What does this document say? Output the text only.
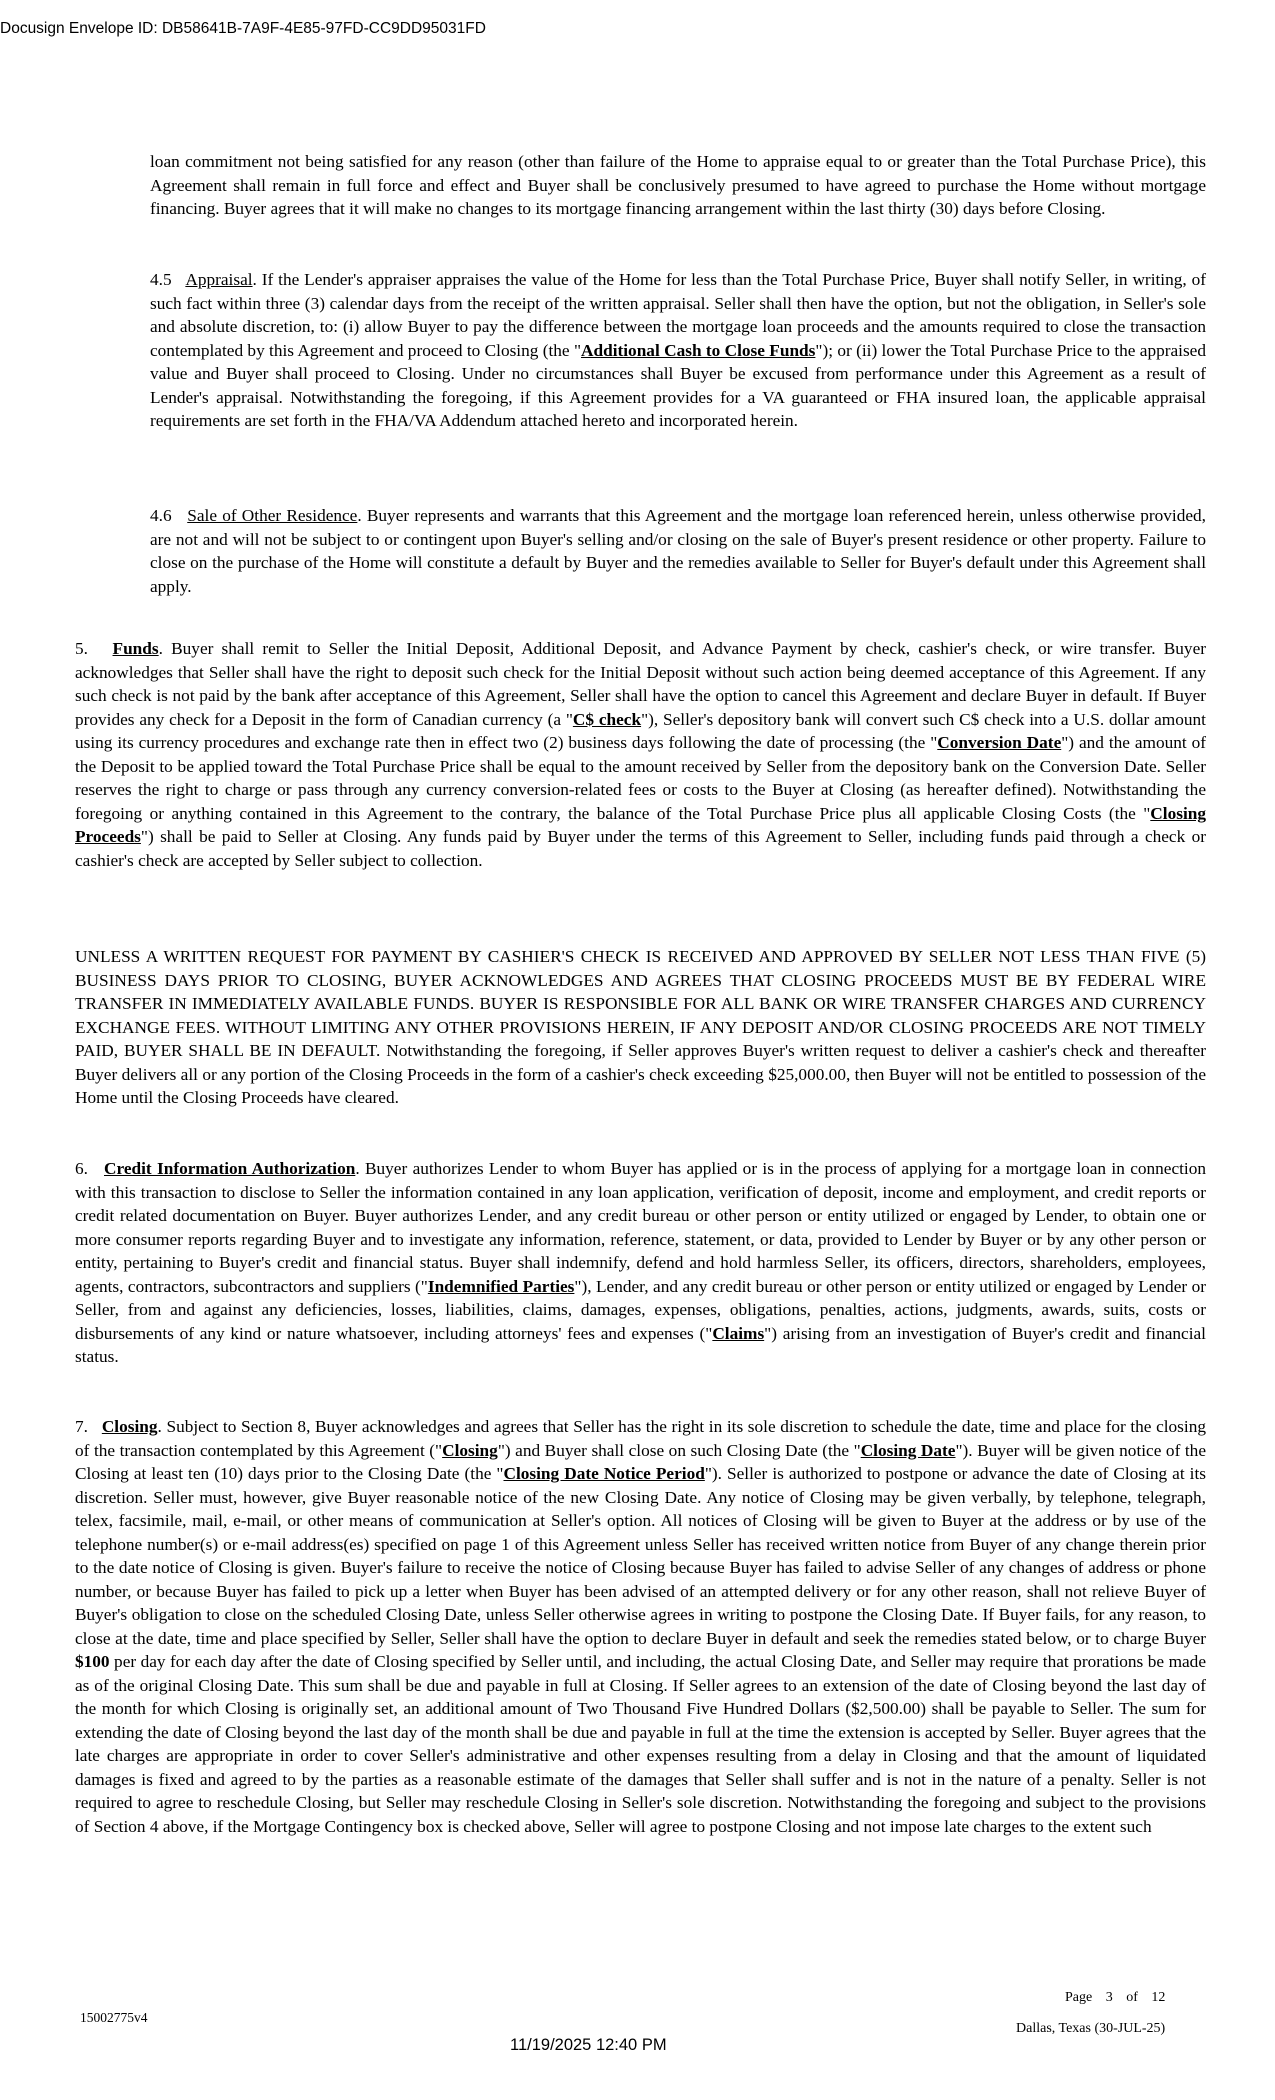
Docusign Envelope ID: DB58641B-7A9F-4E85-97FD-CC9DD95031FD

loan commitment not being satisfied for any reason (other than failure of the Home to appraise equal to or greater than the Total Purchase Price), this Agreement shall remain in full force and effect and Buyer shall be conclusively presumed to have agreed to purchase the Home without mortgage financing. Buyer agrees that it will make no changes to its mortgage financing arrangement within the last thirty (30) days before Closing.

4.5 Appraisal. If the Lender's appraiser appraises the value of the Home for less than the Total Purchase Price, Buyer shall notify Seller, in writing, of such fact within three (3) calendar days from the receipt of the written appraisal. Seller shall then have the option, but not the obligation, in Seller's sole and absolute discretion, to: (i) allow Buyer to pay the difference between the mortgage loan proceeds and the amounts required to close the transaction contemplated by this Agreement and proceed to Closing (the "Additional Cash to Close Funds"); or (ii) lower the Total Purchase Price to the appraised value and Buyer shall proceed to Closing. Under no circumstances shall Buyer be excused from performance under this Agreement as a result of Lender's appraisal. Notwithstanding the foregoing, if this Agreement provides for a VA guaranteed or FHA insured loan, the applicable appraisal requirements are set forth in the FHA/VA Addendum attached hereto and incorporated herein.

4.6 Sale of Other Residence. Buyer represents and warrants that this Agreement and the mortgage loan referenced herein, unless otherwise provided, are not and will not be subject to or contingent upon Buyer's selling and/or closing on the sale of Buyer's present residence or other property. Failure to close on the purchase of the Home will constitute a default by Buyer and the remedies available to Seller for Buyer's default under this Agreement shall apply.

5. Funds. Buyer shall remit to Seller the Initial Deposit, Additional Deposit, and Advance Payment by check, cashier's check, or wire transfer. Buyer acknowledges that Seller shall have the right to deposit such check for the Initial Deposit without such action being deemed acceptance of this Agreement. If any such check is not paid by the bank after acceptance of this Agreement, Seller shall have the option to cancel this Agreement and declare Buyer in default. If Buyer provides any check for a Deposit in the form of Canadian currency (a "C$ check"), Seller's depository bank will convert such C$ check into a U.S. dollar amount using its currency procedures and exchange rate then in effect two (2) business days following the date of processing (the "Conversion Date") and the amount of the Deposit to be applied toward the Total Purchase Price shall be equal to the amount received by Seller from the depository bank on the Conversion Date. Seller reserves the right to charge or pass through any currency conversion-related fees or costs to the Buyer at Closing (as hereafter defined). Notwithstanding the foregoing or anything contained in this Agreement to the contrary, the balance of the Total Purchase Price plus all applicable Closing Costs (the "Closing Proceeds") shall be paid to Seller at Closing. Any funds paid by Buyer under the terms of this Agreement to Seller, including funds paid through a check or cashier's check are accepted by Seller subject to collection.

UNLESS A WRITTEN REQUEST FOR PAYMENT BY CASHIER'S CHECK IS RECEIVED AND APPROVED BY SELLER NOT LESS THAN FIVE (5) BUSINESS DAYS PRIOR TO CLOSING, BUYER ACKNOWLEDGES AND AGREES THAT CLOSING PROCEEDS MUST BE BY FEDERAL WIRE TRANSFER IN IMMEDIATELY AVAILABLE FUNDS. BUYER IS RESPONSIBLE FOR ALL BANK OR WIRE TRANSFER CHARGES AND CURRENCY EXCHANGE FEES. WITHOUT LIMITING ANY OTHER PROVISIONS HEREIN, IF ANY DEPOSIT AND/OR CLOSING PROCEEDS ARE NOT TIMELY PAID, BUYER SHALL BE IN DEFAULT. Notwithstanding the foregoing, if Seller approves Buyer's written request to deliver a cashier's check and thereafter Buyer delivers all or any portion of the Closing Proceeds in the form of a cashier's check exceeding $25,000.00, then Buyer will not be entitled to possession of the Home until the Closing Proceeds have cleared.

6. Credit Information Authorization. Buyer authorizes Lender to whom Buyer has applied or is in the process of applying for a mortgage loan in connection with this transaction to disclose to Seller the information contained in any loan application, verification of deposit, income and employment, and credit reports or credit related documentation on Buyer. Buyer authorizes Lender, and any credit bureau or other person or entity utilized or engaged by Lender, to obtain one or more consumer reports regarding Buyer and to investigate any information, reference, statement, or data, provided to Lender by Buyer or by any other person or entity, pertaining to Buyer's credit and financial status. Buyer shall indemnify, defend and hold harmless Seller, its officers, directors, shareholders, employees, agents, contractors, subcontractors and suppliers ("Indemnified Parties"), Lender, and any credit bureau or other person or entity utilized or engaged by Lender or Seller, from and against any deficiencies, losses, liabilities, claims, damages, expenses, obligations, penalties, actions, judgments, awards, suits, costs or disbursements of any kind or nature whatsoever, including attorneys' fees and expenses ("Claims") arising from an investigation of Buyer's credit and financial status.

7. Closing. Subject to Section 8, Buyer acknowledges and agrees that Seller has the right in its sole discretion to schedule the date, time and place for the closing of the transaction contemplated by this Agreement ("Closing") and Buyer shall close on such Closing Date (the "Closing Date"). Buyer will be given notice of the Closing at least ten (10) days prior to the Closing Date (the "Closing Date Notice Period"). Seller is authorized to postpone or advance the date of Closing at its discretion. Seller must, however, give Buyer reasonable notice of the new Closing Date. Any notice of Closing may be given verbally, by telephone, telegraph, telex, facsimile, mail, e-mail, or other means of communication at Seller's option. All notices of Closing will be given to Buyer at the address or by use of the telephone number(s) or e-mail address(es) specified on page 1 of this Agreement unless Seller has received written notice from Buyer of any change therein prior to the date notice of Closing is given. Buyer's failure to receive the notice of Closing because Buyer has failed to advise Seller of any changes of address or phone number, or because Buyer has failed to pick up a letter when Buyer has been advised of an attempted delivery or for any other reason, shall not relieve Buyer of Buyer's obligation to close on the scheduled Closing Date, unless Seller otherwise agrees in writing to postpone the Closing Date. If Buyer fails, for any reason, to close at the date, time and place specified by Seller, Seller shall have the option to declare Buyer in default and seek the remedies stated below, or to charge Buyer $100 per day for each day after the date of Closing specified by Seller until, and including, the actual Closing Date, and Seller may require that prorations be made as of the original Closing Date. This sum shall be due and payable in full at Closing. If Seller agrees to an extension of the date of Closing beyond the last day of the month for which Closing is originally set, an additional amount of Two Thousand Five Hundred Dollars ($2,500.00) shall be payable to Seller. The sum for extending the date of Closing beyond the last day of the month shall be due and payable in full at the time the extension is accepted by Seller. Buyer agrees that the late charges are appropriate in order to cover Seller's administrative and other expenses resulting from a delay in Closing and that the amount of liquidated damages is fixed and agreed to by the parties as a reasonable estimate of the damages that Seller shall suffer and is not in the nature of a penalty. Seller is not required to agree to reschedule Closing, but Seller may reschedule Closing in Seller's sole discretion. Notwithstanding the foregoing and subject to the provisions of Section 4 above, if the Mortgage Contingency box is checked above, Seller will agree to postpone Closing and not impose late charges to the extent such

Page 3 of 12
15002775v4
Dallas, Texas (30-JUL-25)
11/19/2025 12:40 PM
